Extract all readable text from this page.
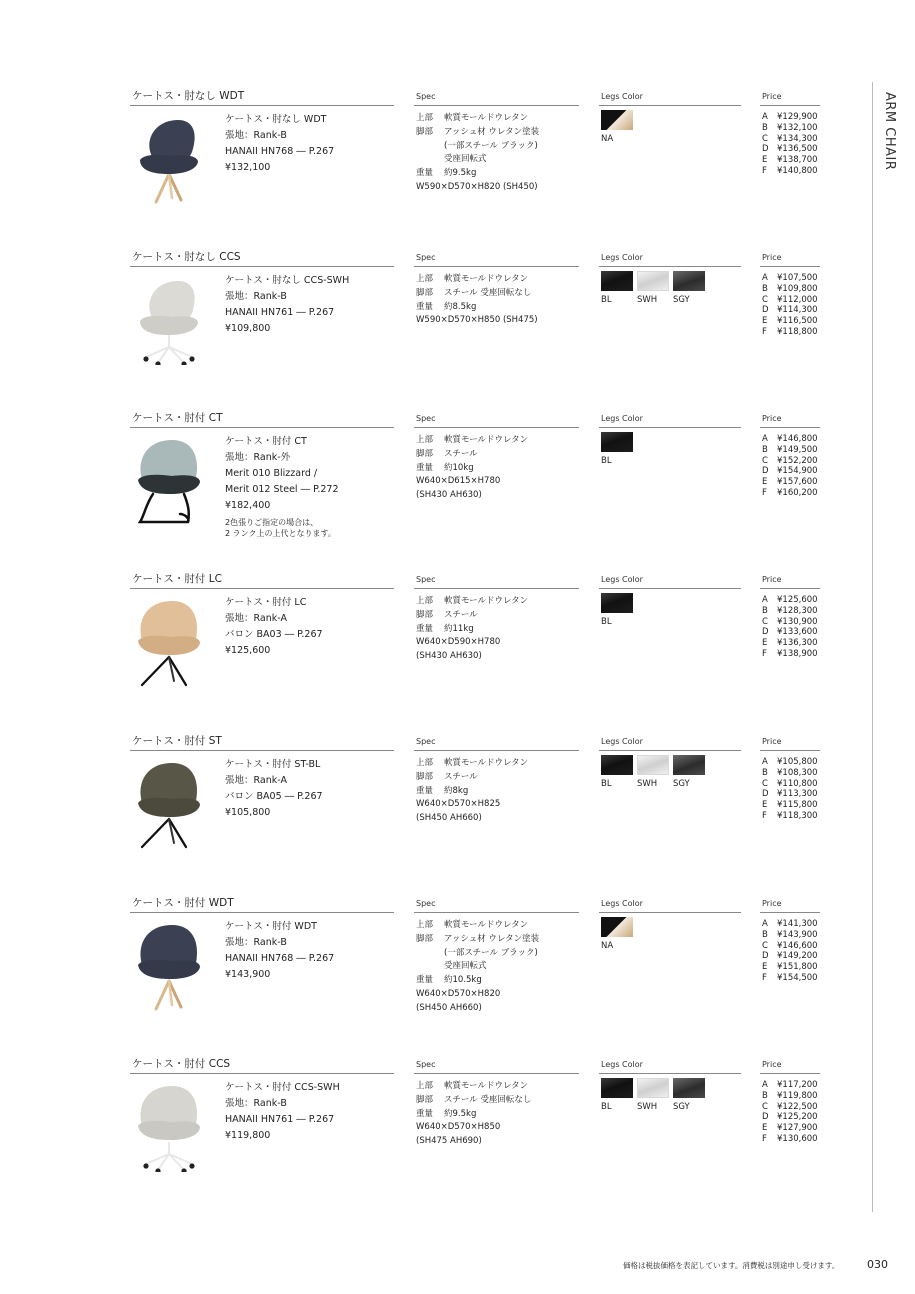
ARM CHAIR
ケートス・肘なし WDT	Spec	Legs Color	Price
ケートス・肘なし WDT
張地：Rank-B
HANAII HN768 ― P.267
¥132,100
上部	軟質モールドウレタン
脚部	アッシュ材 ウレタン塗装
(一部スチール ブラック)
受座回転式
重量	約9.5kg
W590×D570×H820 (SH450)
NA
A	¥129,900
B	¥132,100
C	¥134,300
D ¥136,500
E	¥138,700
F	¥140,800
ケートス・肘なし CCS	Spec	Legs Color	Price
ケートス・肘なし CCS-SWH
張地：Rank-B
HANAII HN761 ― P.267
¥109,800
上部	軟質モールドウレタン
脚部	スチール 受座回転なし
重量	約8.5kg
W590×D570×H850 (SH475)
BL	SWH	SGY
A	¥107,500
B	¥109,800
C	¥112,000
D ¥114,300
E	¥116,500
F	¥118,800
ケートス・肘付 CT	Spec	Legs Color	Price
ケートス・肘付 CT
張地：Rank-外
Merit 010 Blizzard /
Merit 012 Steel ― P.272
¥182,400
2色張りご指定の場合は、
2 ランク上の上代となります。
上部	軟質モールドウレタン
脚部	スチール
重量	約10kg
W640×D615×H780
(SH430 AH630)
BL
A	¥146,800
B	¥149,500
C	¥152,200
D ¥154,900
E	¥157,600
F	¥160,200
ケートス・肘付 LC	Spec	Legs Color	Price
ケートス・肘付 LC
張地：Rank-A
バロン BA03 ― P.267
¥125,600
上部	軟質モールドウレタン
脚部	スチール
重量	約11kg
W640×D590×H780
(SH430 AH630)
BL
A	¥125,600
B	¥128,300
C	¥130,900
D ¥133,600
E	¥136,300
F	¥138,900
ケートス・肘付 ST	Spec	Legs Color	Price
ケートス・肘付 ST-BL
張地：Rank-A
バロン BA05 ― P.267
¥105,800
上部	軟質モールドウレタン
脚部	スチール
重量	約8kg
W640×D570×H825
(SH450 AH660)
BL	SWH	SGY
A	¥105,800
B	¥108,300
C	¥110,800
D ¥113,300
E	¥115,800
F	¥118,300
ケートス・肘付 WDT	Spec	Legs Color	Price
ケートス・肘付 WDT
張地：Rank-B
HANAII HN768 ― P.267
¥143,900
上部	軟質モールドウレタン
脚部	アッシュ材 ウレタン塗装
(一部スチール ブラック)
受座回転式
重量	約10.5kg
W640×D570×H820
(SH450 AH660)
NA
A	¥141,300
B	¥143,900
C	¥146,600
D ¥149,200
E	¥151,800
F	¥154,500
ケートス・肘付 CCS	Spec	Legs Color	Price
ケートス・肘付 CCS-SWH
張地：Rank-B
HANAII HN761 ― P.267
¥119,800
上部	軟質モールドウレタン
脚部	スチール 受座回転なし
重量	約9.5kg
W640×D570×H850
(SH475 AH690)
BL	SWH	SGY
A	¥117,200
B	¥119,800
C	¥122,500
D ¥125,200
E	¥127,900
F	¥130,600
価格は税抜価格を表記しています。消費税は別途申し受けます。	030
